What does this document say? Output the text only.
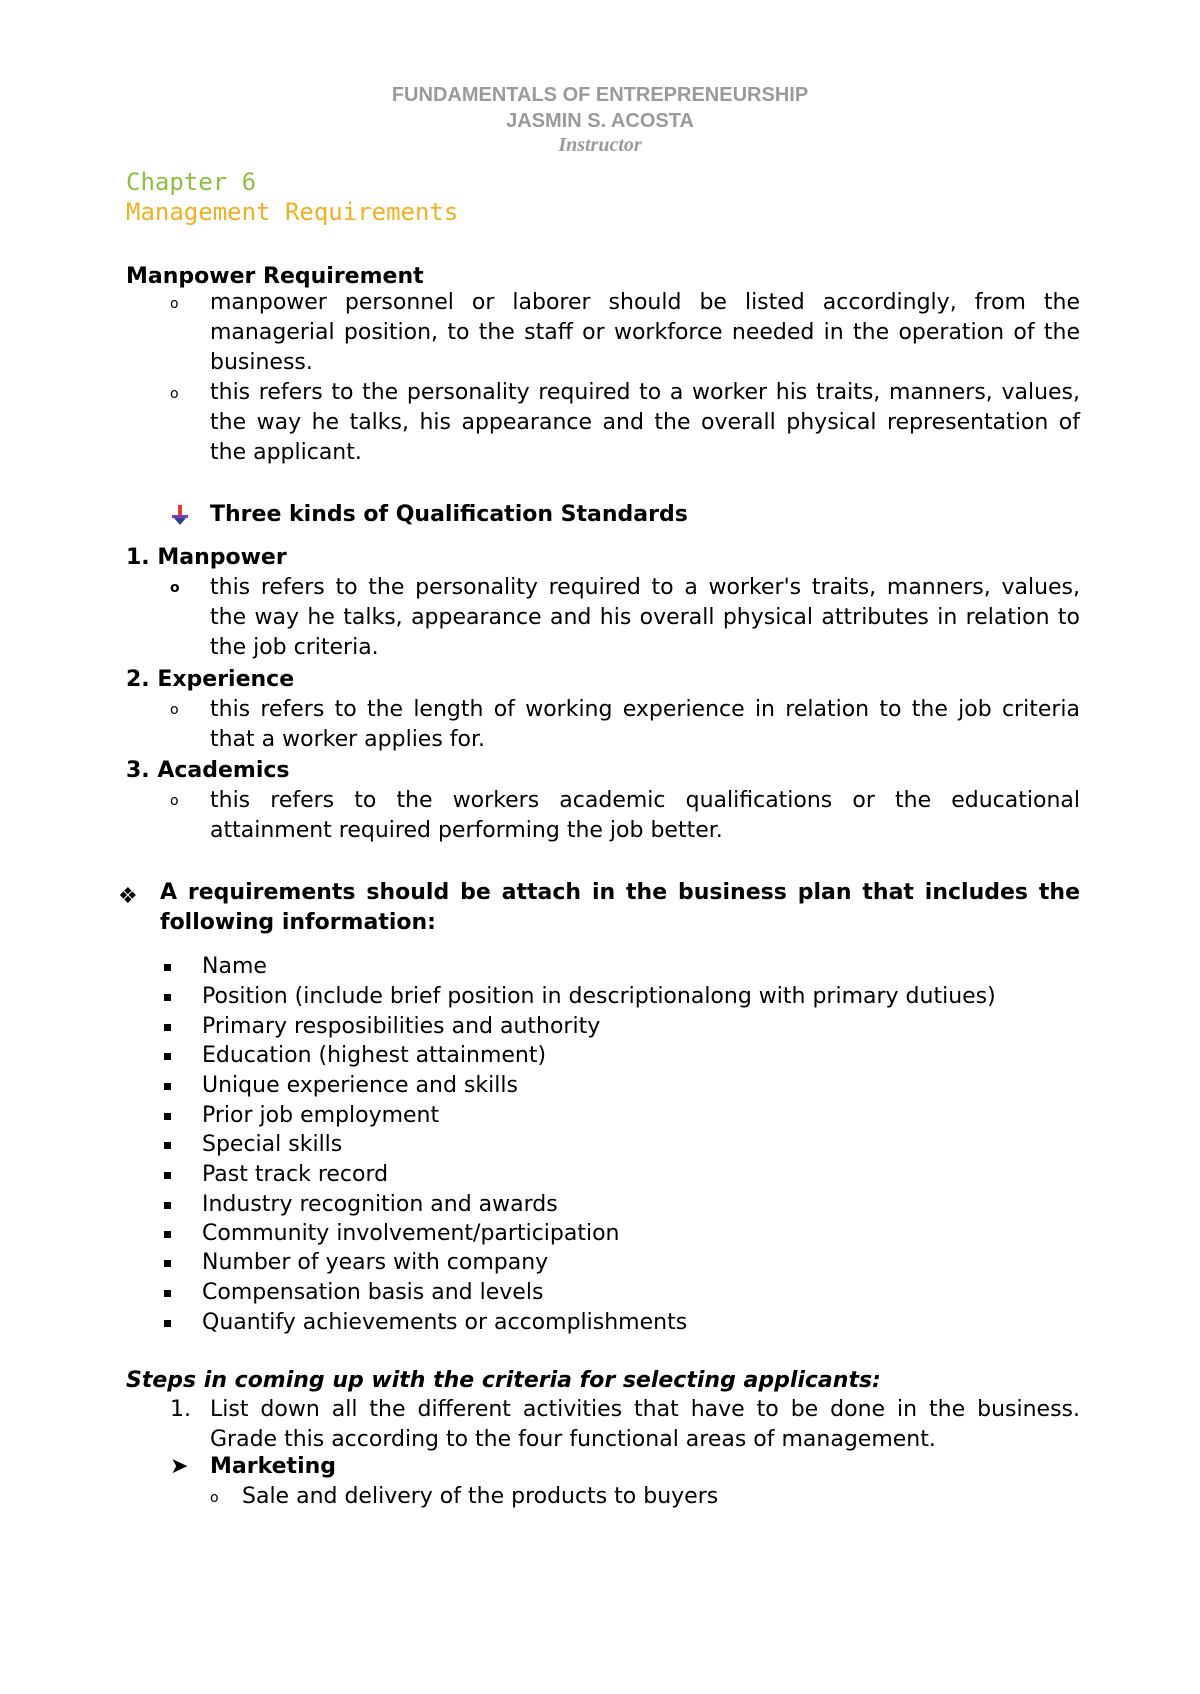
FUNDAMENTALS OF ENTREPRENEURSHIP
JASMIN S. ACOSTA
Instructor
Chapter 6
Management Requirements
Manpower Requirement
o manpower personnel or laborer should be listed accordingly, from the managerial position, to the staff or workforce needed in the operation of the business.
o this refers to the personality required to a worker his traits, manners, values, the way he talks, his appearance and the overall physical representation of the applicant.
Three kinds of Qualification Standards
1. Manpower
o this refers to the personality required to a worker's traits, manners, values, the way he talks, appearance and his overall physical attributes in relation to the job criteria.
2. Experience
o this refers to the length of working experience in relation to the job criteria that a worker applies for.
3. Academics
o this refers to the workers academic qualifications or the educational attainment required performing the job better.
❖ A requirements should be attach in the business plan that includes the following information:
Name
Position (include brief position in descriptionalong with primary dutiues)
Primary resposibilities and authority
Education (highest attainment)
Unique experience and skills
Prior job employment
Special skills
Past track record
Industry recognition and awards
Community involvement/participation
Number of years with company
Compensation basis and levels
Quantify achievements or accomplishments
Steps in coming up with the criteria for selecting applicants:
1. List down all the different activities that have to be done in the business. Grade this according to the four functional areas of management.
➤ Marketing
o Sale and delivery of the products to buyers
